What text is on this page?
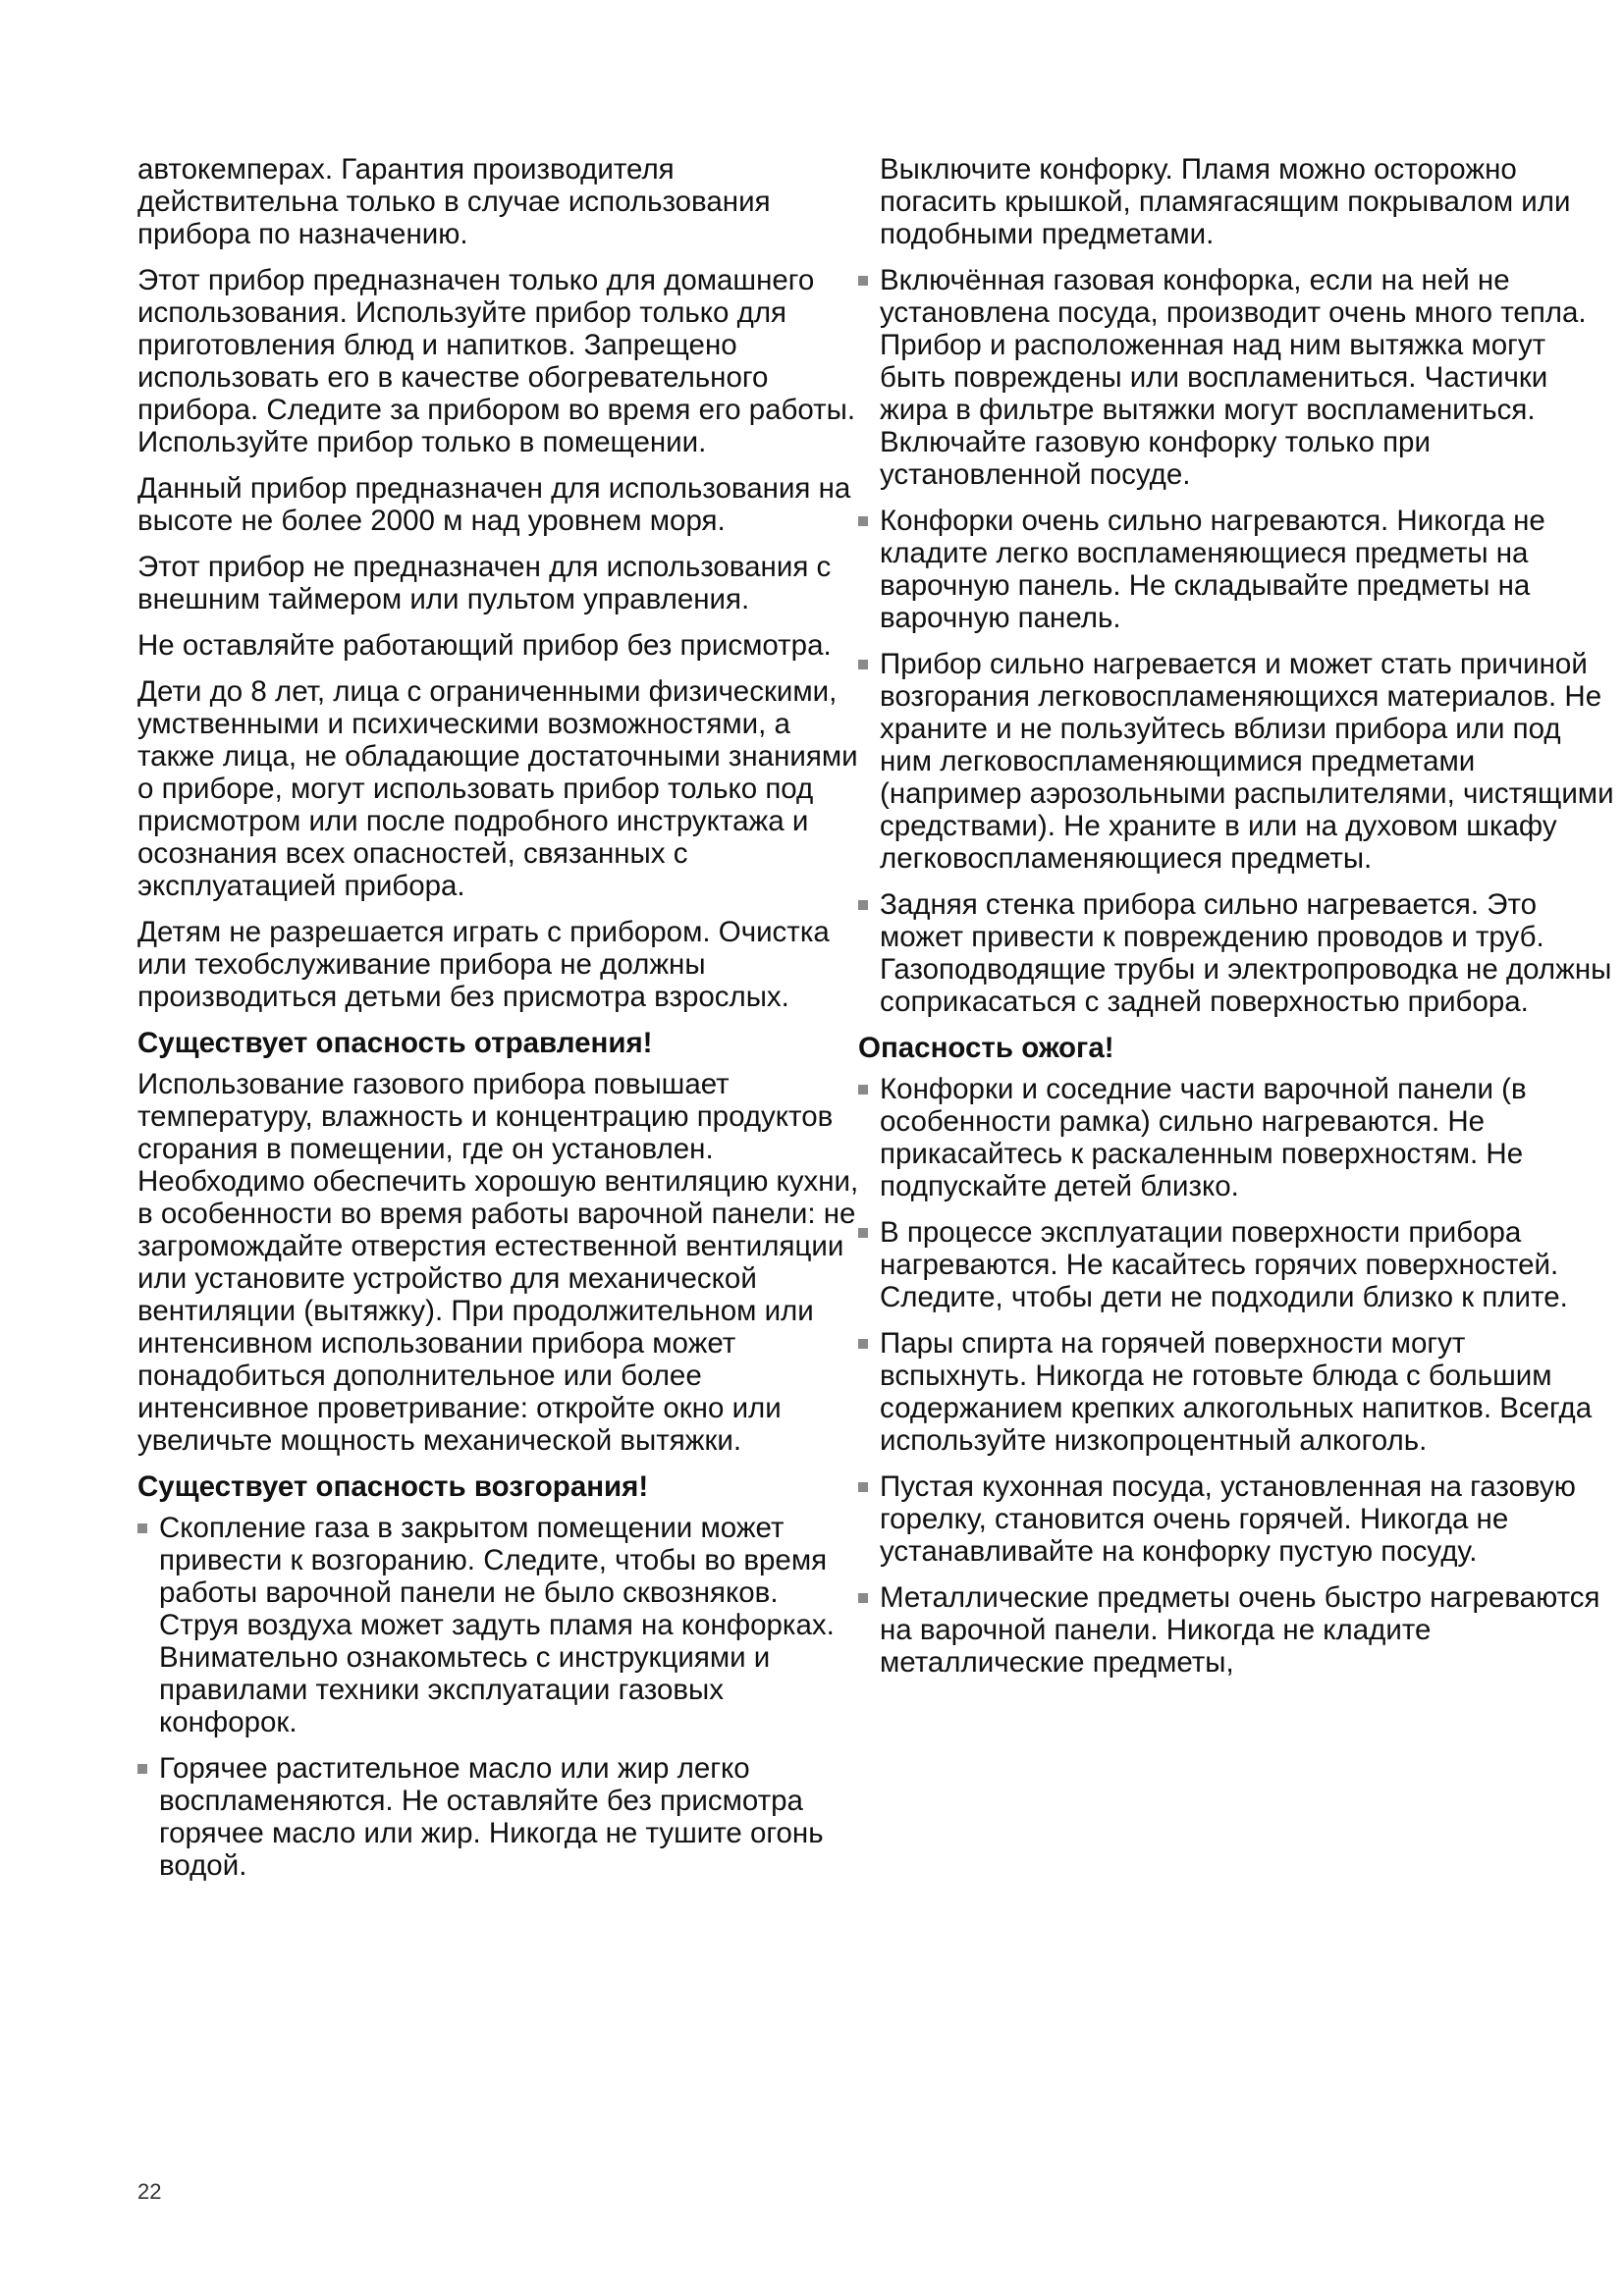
автокемперах. Гарантия производителя действительна только в случае использования прибора по назначению.

Этот прибор предназначен только для домашнего использования. Используйте прибор только для приготовления блюд и напитков. Запрещено использовать его в качестве обогревательного прибора. Следите за прибором во время его работы. Используйте прибор только в помещении.

Данный прибор предназначен для использования на высоте не более 2000 м над уровнем моря.

Этот прибор не предназначен для использования с внешним таймером или пультом управления.

Не оставляйте работающий прибор без присмотра.

Дети до 8 лет, лица с ограниченными физическими, умственными и психическими возможностями, а также лица, не обладающие достаточными знаниями о приборе, могут использовать прибор только под присмотром или после подробного инструктажа и осознания всех опасностей, связанных с эксплуатацией прибора.

Детям не разрешается играть с прибором. Очистка или техобслуживание прибора не должны производиться детьми без присмотра взрослых.

Существует опасность отравления!

Использование газового прибора повышает температуру, влажность и концентрацию продуктов сгорания в помещении, где он установлен. Необходимо обеспечить хорошую вентиляцию кухни, в особенности во время работы варочной панели: не загромождайте отверстия естественной вентиляции или установите устройство для механической вентиляции (вытяжку). При продолжительном или интенсивном использовании прибора может понадобиться дополнительное или более интенсивное проветривание: откройте окно или увеличьте мощность механической вытяжки.

Существует опасность возгорания!
Скопление газа в закрытом помещении может привести к возгоранию. Следите, чтобы во время работы варочной панели не было сквозняков. Струя воздуха может задуть пламя на конфорках. Внимательно ознакомьтесь с инструкциями и правилами техники эксплуатации газовых конфорок.
Горячее растительное масло или жир легко воспламеняются. Не оставляйте без присмотра горячее масло или жир. Никогда не тушите огонь водой.

Выключите конфорку. Пламя можно осторожно погасить крышкой, пламягасящим покрывалом или подобными предметами.

Включённая газовая конфорка, если на ней не установлена посуда, производит очень много тепла. Прибор и расположенная над ним вытяжка могут быть повреждены или воспламениться. Частички жира в фильтре вытяжки могут воспламениться. Включайте газовую конфорку только при установленной посуде.
Конфорки очень сильно нагреваются. Никогда не кладите легко воспламеняющиеся предметы на варочную панель. Не складывайте предметы на варочную панель.
Прибор сильно нагревается и может стать причиной возгорания легковоспламеняющихся материалов. Не храните и не пользуйтесь вблизи прибора или под ним легковоспламеняющимися предметами (например аэрозольными распылителями, чистящими средствами). Не храните в или на духовом шкафу легковоспламеняющиеся предметы.
Задняя стенка прибора сильно нагревается. Это может привести к повреждению проводов и труб. Газоподводящие трубы и электропроводка не должны соприкасаться с задней поверхностью прибора.
Опасность ожога!
Конфорки и соседние части варочной панели (в особенности рамка) сильно нагреваются. Не прикасайтесь к раскаленным поверхностям. Не подпускайте детей близко.
В процессе эксплуатации поверхности прибора нагреваются. Не касайтесь горячих поверхностей. Следите, чтобы дети не подходили близко к плите.
Пары спирта на горячей поверхности могут вспыхнуть. Никогда не готовьте блюда с большим содержанием крепких алкогольных напитков. Всегда используйте низкопроцентный алкоголь.
Пустая кухонная посуда, установленная на газовую горелку, становится очень горячей. Никогда не устанавливайте на конфорку пустую посуду.
Металлические предметы очень быстро нагреваются на варочной панели. Никогда не кладите металлические предметы,
22
